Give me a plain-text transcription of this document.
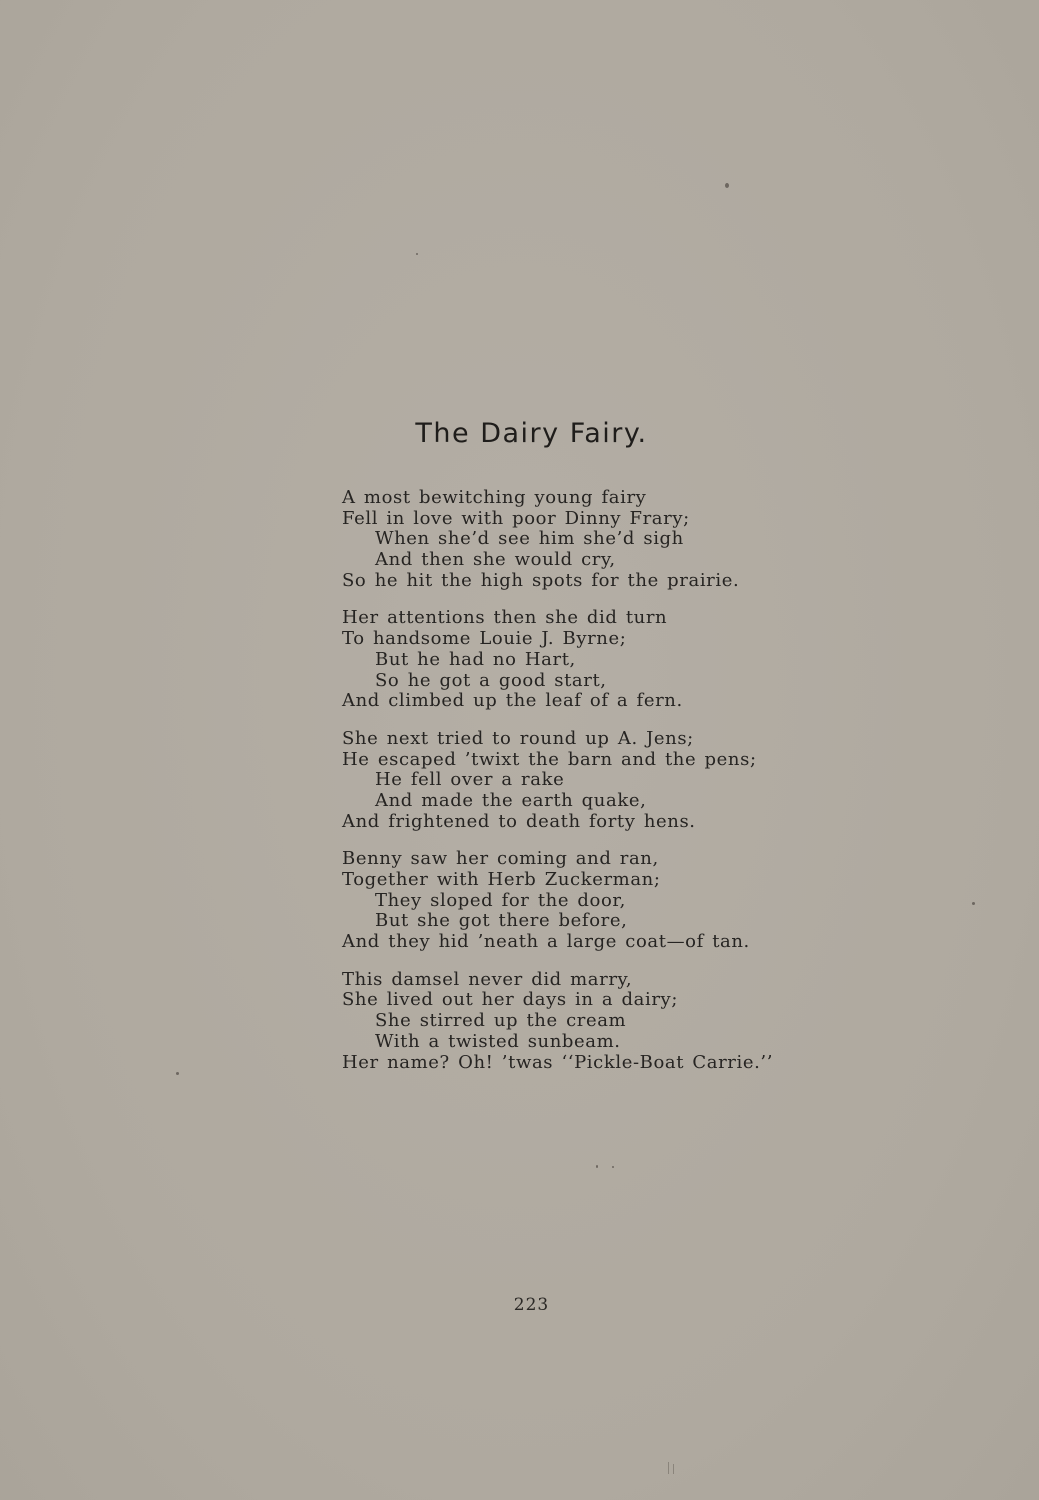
The Dairy Fairy.
A most bewitching young fairy
Fell in love with poor Dinny Frary;
When she’d see him she’d sigh
And then she would cry,
So he hit the high spots for the prairie.
Her attentions then she did turn
To handsome Louie J. Byrne;
But he had no Hart,
So he got a good start,
And climbed up the leaf of a fern.
She next tried to round up A. Jens;
He escaped ’twixt the barn and the pens;
He fell over a rake
And made the earth quake,
And frightened to death forty hens.
Benny saw her coming and ran,
Together with Herb Zuckerman;
They sloped for the door,
But she got there before,
And they hid ’neath a large coat—of tan.
This damsel never did marry,
She lived out her days in a dairy;
She stirred up the cream
With a twisted sunbeam.
Her name? Oh! ’twas ‘‘Pickle-Boat Carrie.’’
223
